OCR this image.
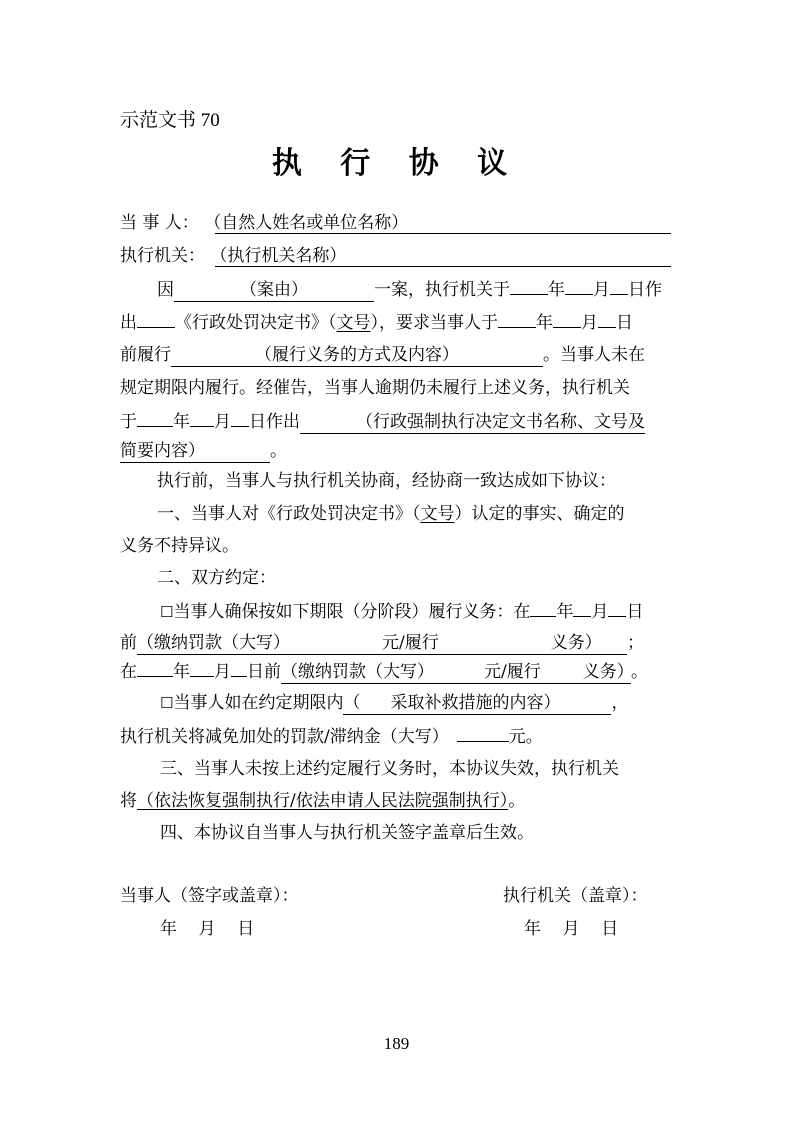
示范文书 70
执 行 协 议
当 事 人： （自然人姓名或单位名称）
执行机关： （执行机关名称）
因	（案由）	一案，执行机关于 年 月 日作
出 《行政处罚决定书》（文号），要求当事人于 年 月 日
前履行	（履行义务的方式及内容）	。当事人未在
规定期限内履行。经催告，当事人逾期仍未履行上述义务，执行机关
于 年 月 日作出	（行政强制执行决定文书名称、文号及
简要内容）	。
执行前，当事人与执行机关协商，经协商一致达成如下协议：
一、当事人对《行政处罚决定书》（文号）认定的事实、确定的
义务不持异议。
二、双方约定：
☐当事人确保按如下期限（分阶段）履行义务：在 年 月 日
前（缴纳罚款（大写）	元/履行	义务） ；
在 年 月 日前（缴纳罚款（大写）	元/履行 义务）。
☐当事人如在约定期限内（ 采取补救措施的内容）	，
执行机关将减免加处的罚款/滞纳金（大写）	元。
三、当事人未按上述约定履行义务时，本协议失效，执行机关
将（依法恢复强制执行/依法申请人民法院强制执行）。
四、本协议自当事人与执行机关签字盖章后生效。
当事人（签字或盖章）：	执行机关（盖章）：
年    月    日	年    月    日
189
